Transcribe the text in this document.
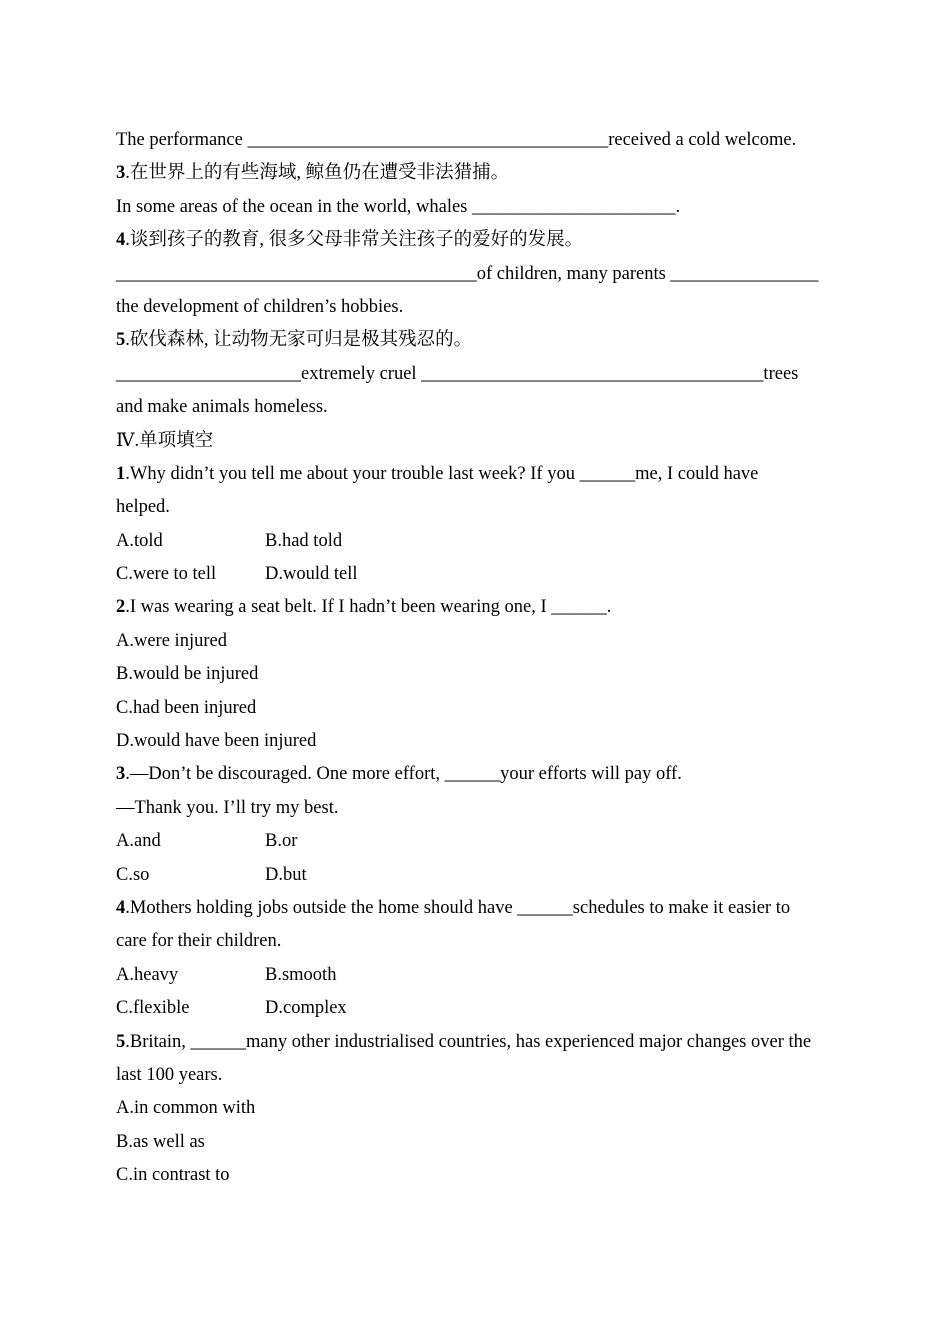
The performance _______________________________________received a cold welcome.
3.在世界上的有些海域, 鲸鱼仍在遭受非法猎捕。
In some areas of the ocean in the world, whales ______________________.
4.谈到孩子的教育, 很多父母非常关注孩子的爱好的发展。
_______________________________________of children, many parents ________________
the development of children’s hobbies.
5.砍伐森林, 让动物无家可归是极其残忍的。
____________________extremely cruel _____________________________________trees
and make animals homeless.
Ⅳ.单项填空
1.Why didn’t you tell me about your trouble last week? If you ______me, I could have
helped.
A.told	B.had told
C.were to tell	D.would tell
2.I was wearing a seat belt. If I hadn’t been wearing one, I ______.
A.were injured
B.would be injured
C.had been injured
D.would have been injured
3.—Don’t be discouraged. One more effort, ______your efforts will pay off.
—Thank you. I’ll try my best.
A.and	B.or
C.so	D.but
4.Mothers holding jobs outside the home should have ______schedules to make it easier to
care for their children.
A.heavy	B.smooth
C.flexible	D.complex
5.Britain, ______many other industrialised countries, has experienced major changes over the
last 100 years.
A.in common with
B.as well as
C.in contrast to
